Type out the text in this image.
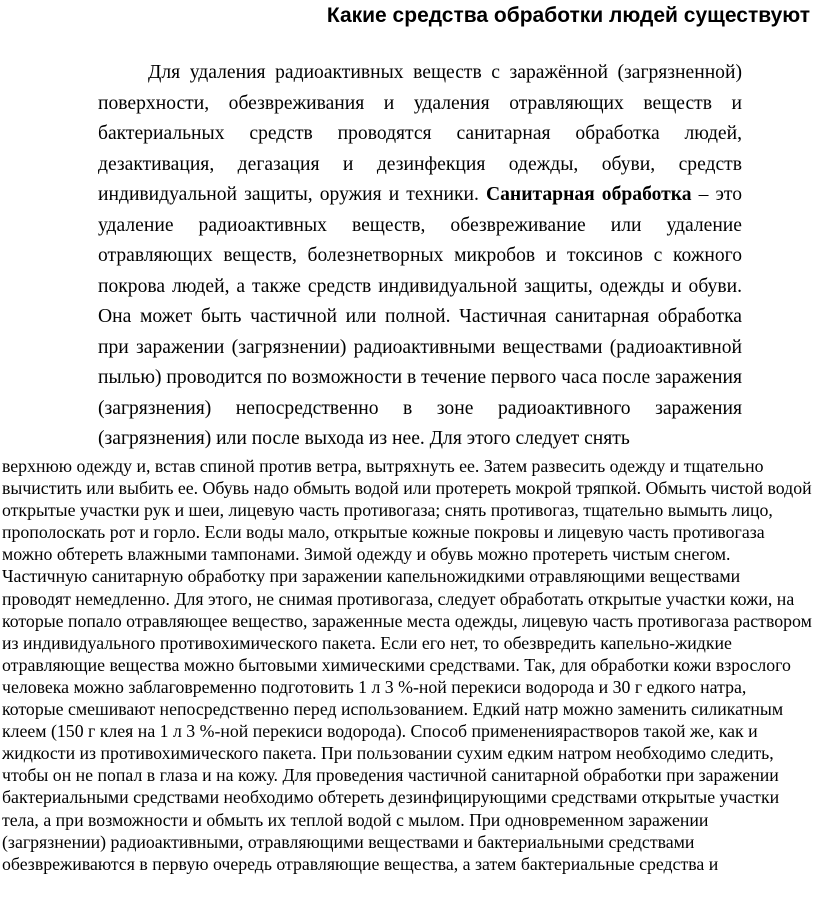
Какие средства обработки людей существуют

Для удаления радиоактивных веществ с заражённой (загрязненной) поверхности, обезвреживания и удаления отравляющих веществ и бактериальных средств проводятся санитарная обработка людей, дезактивация, дегазация и дезинфекция одежды, обуви, средств индивидуальной защиты, оружия и техники. Санитарная обработка – это удаление радиоактивных веществ, обезвреживание или удаление отравляющих веществ, болезнетворных микробов и токсинов с кожного покрова людей, а также средств индивидуальной защиты, одежды и обуви. Она может быть частичной или полной. Частичная санитарная обработка при заражении (загрязнении) радиоактивными веществами (радиоактивной пылью) проводится по возможности в течение первого часа после заражения (загрязнения) непосредственно в зоне радиоактивного заражения (загрязнения) или после выхода из нее. Для этого следует снять

верхнюю одежду и, встав спиной против ветра, вытряхнуть ее. Затем развесить одежду и тщательно вычистить или выбить ее. Обувь надо обмыть водой или протереть мокрой тряпкой. Обмыть чистой водой открытые участки рук и шеи, лицевую часть противогаза; снять противогаз, тщательно вымыть лицо, прополоскать рот и горло. Если воды мало, открытые кожные покровы и лицевую часть противогаза можно обтереть влажными тампонами. Зимой одежду и обувь можно протереть чистым снегом. Частичную санитарную обработку при заражении капельножидкими отравляющими веществами проводят немедленно. Для этого, не снимая противогаза, следует обработать открытые участки кожи, на которые попало отравляющее вещество, зараженные места одежды, лицевую часть противогаза раствором из индивидуального противохимического пакета. Если его нет, то обезвредить капельно-жидкие отравляющие вещества можно бытовыми химическими средствами. Так, для обработки кожи взрослого человека можно заблаговременно подготовить 1 л 3 %-ной перекиси водорода и 30 г едкого натра, которые смешивают непосредственно перед использованием. Едкий натр можно заменить силикатным клеем (150 г клея на 1 л 3 %-ной перекиси водорода). Способ применениярастворов такой же, как и жидкости из противохимического пакета. При пользовании сухим едким натром необходимо следить, чтобы он не попал в глаза и на кожу. Для проведения частичной санитарной обработки при заражении бактериальными средствами необходимо обтереть дезинфицирующими средствами открытые участки тела, а при возможности и обмыть их теплой водой с мылом. При одновременном заражении (загрязнении) радиоактивными, отравляющими веществами и бактериальными средствами обезвреживаются в первую очередь отравляющие вещества, а затем бактериальные средства и
